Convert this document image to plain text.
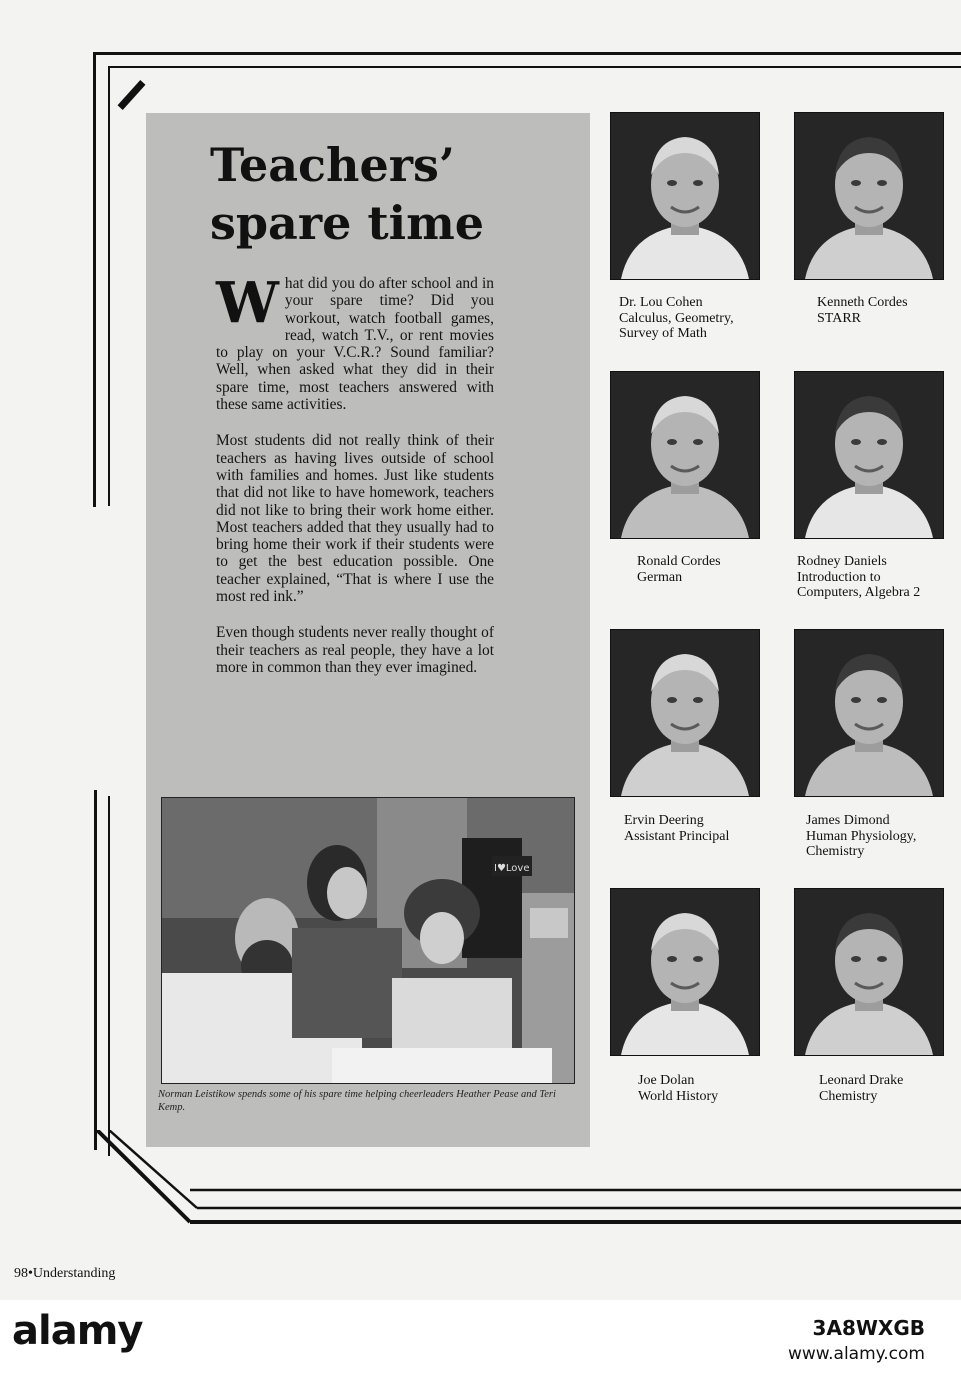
Teachers’
spare time

W hat did you do after school and in your spare time? Did you workout, watch football games, read, watch T.V., or rent movies to play on your V.C.R.? Sound familiar? Well, when asked what they did in their spare time, most teachers answered with these same activities.

Most students did not really think of their teachers as having lives outside of school with families and homes. Just like students that did not like to have homework, teachers did not like to bring their work home either. Most teachers added that they usually had to bring home their work if their students were to get the best education possible. One teacher explained, “That is where I use the most red ink.”

Even though students never really thought of their teachers as real people, they have a lot more in common than they ever imagined.

I♥Love
Norman Leistikow spends some of his spare time helping cheerleaders Heather Pease and Teri Kemp.
Dr. Lou Cohen
Calculus, Geometry,
Survey of Math
Kenneth Cordes
STARR
Ronald Cordes
German
Rodney Daniels
Introduction to
Computers, Algebra 2
Ervin Deering
Assistant Principal
James Dimond
Human Physiology,
Chemistry
Joe Dolan
World History
Leonard Drake
Chemistry
98•Understanding
alamy	3A8WXGB
www.alamy.com
